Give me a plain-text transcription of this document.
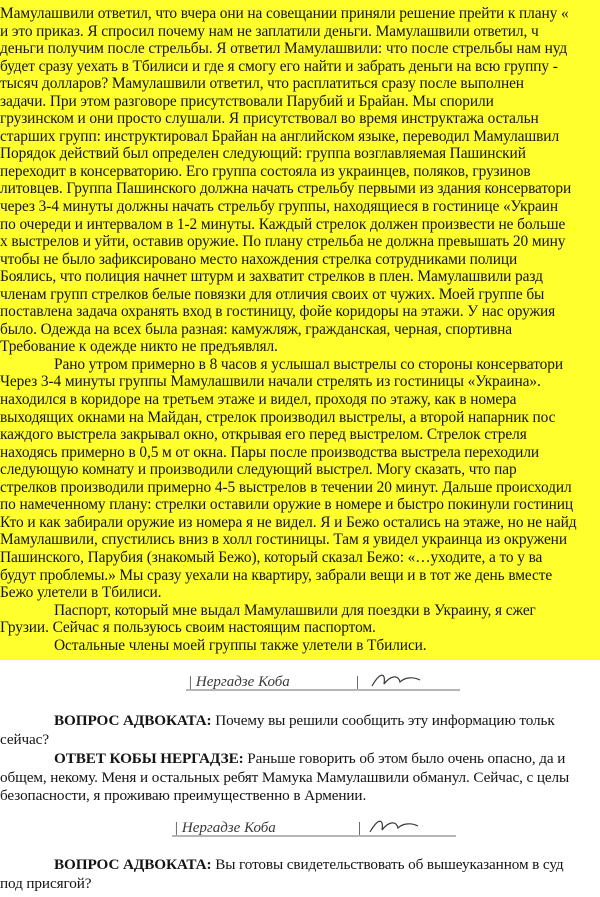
Мамулашвили ответил, что вчера они на совещании приняли решение прейти к плану «
и это приказ. Я спросил почему нам не заплатили деньги. Мамулашвили ответил, ч
деньги получим после стрельбы. Я ответил Мамулашвили: что после стрельбы нам нуд
будет сразу уехать в Тбилиси и где я смогу его найти и забрать деньги на всю группу -
тысяч долларов? Мамулашвили ответил, что расплатиться сразу после выполнен
задачи. При этом разговоре присутствовали Парубий и Брайан. Мы спорили
грузинском и они просто слушали. Я присутствовал во время инструктажа остальн
старших групп: инструктировал Брайан на английском языке, переводил Мамулашвил
Порядок действий был определен следующий: группа возглавляемая Пашинский
переходит в консерваторию. Его группа состояла из украинцев, поляков, грузинов
литовцев. Группа Пашинского должна начать стрельбу первыми из здания консерватори
через 3-4 минуты должны начать стрельбу группы, находящиеся в гостинице «Украин
по очереди и интервалом в 1-2 минуты. Каждый стрелок должен произвести не больше
х выстрелов и уйти, оставив оружие. По плану стрельба не должна превышать 20 мину
чтобы не было зафиксировано место нахождения стрелка сотрудниками полици
Боялись, что полиция начнет штурм и захватит стрелков в плен. Мамулашвили разд
членам групп стрелков белые повязки для отличия своих от чужих. Моей группе бы
поставлена задача охранять вход в гостиницу, фойе коридоры на этажи. У нас оружия
было. Одежда на всех была разная: камужляж, гражданская, черная, спортивна
Требование к одежде никто не предъявлял.
Рано утром примерно в 8 часов я услышал выстрелы со стороны консерватори
Через 3-4 минуты группы Мамулашвили начали стрелять из гостиницы «Украина».
находился в коридоре на третьем этаже и видел, проходя по этажу, как в номера
выходящих окнами на Майдан, стрелок производил выстрелы, а второй напарник пос
каждого выстрела закрывал окно, открывая его перед выстрелом. Стрелок стреля
находясь примерно в 0,5 м от окна. Пары после производства выстрела переходили
следующую комнату и производили следующий выстрел. Могу сказать, что пар
стрелков производили примерно 4-5 выстрелов в течении 20 минут. Дальше происходил
по намеченному плану: стрелки оставили оружие в номере и быстро покинули гостиниц
Кто и как забирали оружие из номера я не видел. Я и Бежо остались на этаже, но не найд
Мамулашвили, спустились вниз в холл гостиницы. Там я увидел украинца из окружени
Пашинского, Парубия (знакомый Бежо), который сказал Бежо: «…уходите, а то у ва
будут проблемы.» Мы сразу уехали на квартиру, забрали вещи и в тот же день вместе
Бежо улетели в Тбилиси.
Паспорт, который мне выдал Мамулашвили для поездки в Украину, я сжег
Грузии. Сейчас я пользуюсь своим настоящим паспортом.
Остальные члены моей группы также улетели в Тбилиси.
| Нергадзе Коба	|
ВОПРОС АДВОКАТА: Почему вы решили сообщить эту информацию тольк
сейчас?
ОТВЕТ КОБЫ НЕРГАДЗЕ: Раньше говорить об этом было очень опасно, да и
общем, некому. Меня и остальных ребят Мамука Мамулашвили обманул. Сейчас, с целы
безопасности, я проживаю преимущественно в Армении.
| Нергадзе Коба	|
ВОПРОС АДВОКАТА: Вы готовы свидетельствовать об вышеуказанном в суд
под присягой?
